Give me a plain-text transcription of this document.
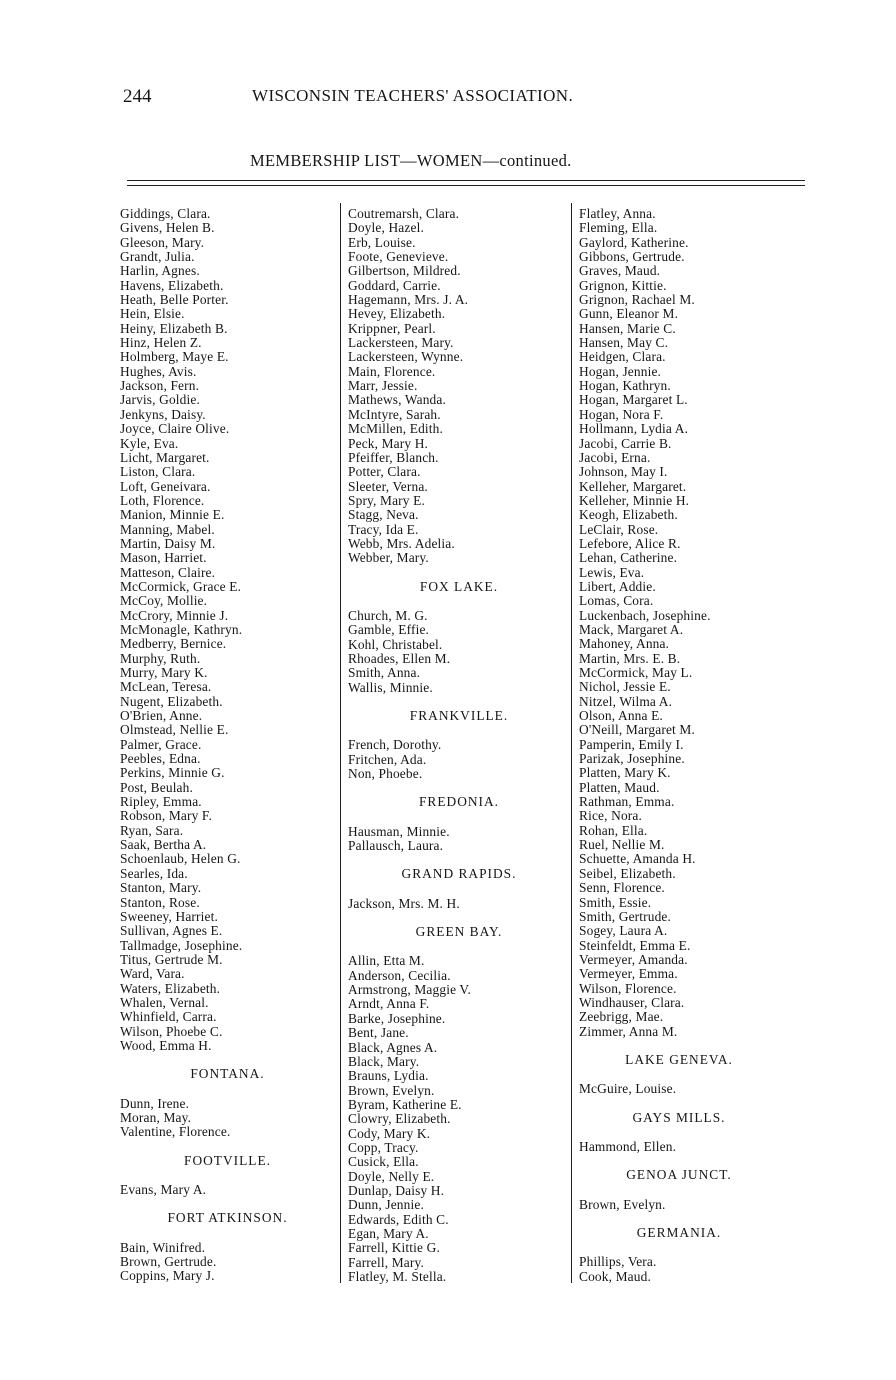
244	WISCONSIN TEACHERS' ASSOCIATION.
MEMBERSHIP LIST—WOMEN—continued.
Giddings, Clara.
Givens, Helen B.
Gleeson, Mary.
Grandt, Julia.
Harlin, Agnes.
Havens, Elizabeth.
Heath, Belle Porter.
Hein, Elsie.
Heiny, Elizabeth B.
Hinz, Helen Z.
Holmberg, Maye E.
Hughes, Avis.
Jackson, Fern.
Jarvis, Goldie.
Jenkyns, Daisy.
Joyce, Claire Olive.
Kyle, Eva.
Licht, Margaret.
Liston, Clara.
Loft, Geneivara.
Loth, Florence.
Manion, Minnie E.
Manning, Mabel.
Martin, Daisy M.
Mason, Harriet.
Matteson, Claire.
McCormick, Grace E.
McCoy, Mollie.
McCrory, Minnie J.
McMonagle, Kathryn.
Medberry, Bernice.
Murphy, Ruth.
Murry, Mary K.
McLean, Teresa.
Nugent, Elizabeth.
O'Brien, Anne.
Olmstead, Nellie E.
Palmer, Grace.
Peebles, Edna.
Perkins, Minnie G.
Post, Beulah.
Ripley, Emma.
Robson, Mary F.
Ryan, Sara.
Saak, Bertha A.
Schoenlaub, Helen G.
Searles, Ida.
Stanton, Mary.
Stanton, Rose.
Sweeney, Harriet.
Sullivan, Agnes E.
Tallmadge, Josephine.
Titus, Gertrude M.
Ward, Vara.
Waters, Elizabeth.
Whalen, Vernal.
Whinfield, Carra.
Wilson, Phoebe C.
Wood, Emma H.
FONTANA.
Dunn, Irene.
Moran, May.
Valentine, Florence.
FOOTVILLE.
Evans, Mary A.
FORT ATKINSON.
Bain, Winifred.
Brown, Gertrude.
Coppins, Mary J.
Coutremarsh, Clara.
Doyle, Hazel.
Erb, Louise.
Foote, Genevieve.
Gilbertson, Mildred.
Goddard, Carrie.
Hagemann, Mrs. J. A.
Hevey, Elizabeth.
Krippner, Pearl.
Lackersteen, Mary.
Lackersteen, Wynne.
Main, Florence.
Marr, Jessie.
Mathews, Wanda.
McIntyre, Sarah.
McMillen, Edith.
Peck, Mary H.
Pfeiffer, Blanch.
Potter, Clara.
Sleeter, Verna.
Spry, Mary E.
Stagg, Neva.
Tracy, Ida E.
Webb, Mrs. Adelia.
Webber, Mary.
FOX LAKE.
Church, M. G.
Gamble, Effie.
Kohl, Christabel.
Rhoades, Ellen M.
Smith, Anna.
Wallis, Minnie.
FRANKVILLE.
French, Dorothy.
Fritchen, Ada.
Non, Phoebe.
FREDONIA.
Hausman, Minnie.
Pallausch, Laura.
GRAND RAPIDS.
Jackson, Mrs. M. H.
GREEN BAY.
Allin, Etta M.
Anderson, Cecilia.
Armstrong, Maggie V.
Arndt, Anna F.
Barke, Josephine.
Bent, Jane.
Black, Agnes A.
Black, Mary.
Brauns, Lydia.
Brown, Evelyn.
Byram, Katherine E.
Clowry, Elizabeth.
Cody, Mary K.
Copp, Tracy.
Cusick, Ella.
Doyle, Nelly E.
Dunlap, Daisy H.
Dunn, Jennie.
Edwards, Edith C.
Egan, Mary A.
Farrell, Kittie G.
Farrell, Mary.
Flatley, M. Stella.
Flatley, Anna.
Fleming, Ella.
Gaylord, Katherine.
Gibbons, Gertrude.
Graves, Maud.
Grignon, Kittie.
Grignon, Rachael M.
Gunn, Eleanor M.
Hansen, Marie C.
Hansen, May C.
Heidgen, Clara.
Hogan, Jennie.
Hogan, Kathryn.
Hogan, Margaret L.
Hogan, Nora F.
Hollmann, Lydia A.
Jacobi, Carrie B.
Jacobi, Erna.
Johnson, May I.
Kelleher, Margaret.
Kelleher, Minnie H.
Keogh, Elizabeth.
LeClair, Rose.
Lefebore, Alice R.
Lehan, Catherine.
Lewis, Eva.
Libert, Addie.
Lomas, Cora.
Luckenbach, Josephine.
Mack, Margaret A.
Mahoney, Anna.
Martin, Mrs. E. B.
McCormick, May L.
Nichol, Jessie E.
Nitzel, Wilma A.
Olson, Anna E.
O'Neill, Margaret M.
Pamperin, Emily I.
Parizak, Josephine.
Platten, Mary K.
Platten, Maud.
Rathman, Emma.
Rice, Nora.
Rohan, Ella.
Ruel, Nellie M.
Schuette, Amanda H.
Seibel, Elizabeth.
Senn, Florence.
Smith, Essie.
Smith, Gertrude.
Sogey, Laura A.
Steinfeldt, Emma E.
Vermeyer, Amanda.
Vermeyer, Emma.
Wilson, Florence.
Windhauser, Clara.
Zeebrigg, Mae.
Zimmer, Anna M.
LAKE GENEVA.
McGuire, Louise.
GAYS MILLS.
Hammond, Ellen.
GENOA JUNCT.
Brown, Evelyn.
GERMANIA.
Phillips, Vera.
Cook, Maud.
